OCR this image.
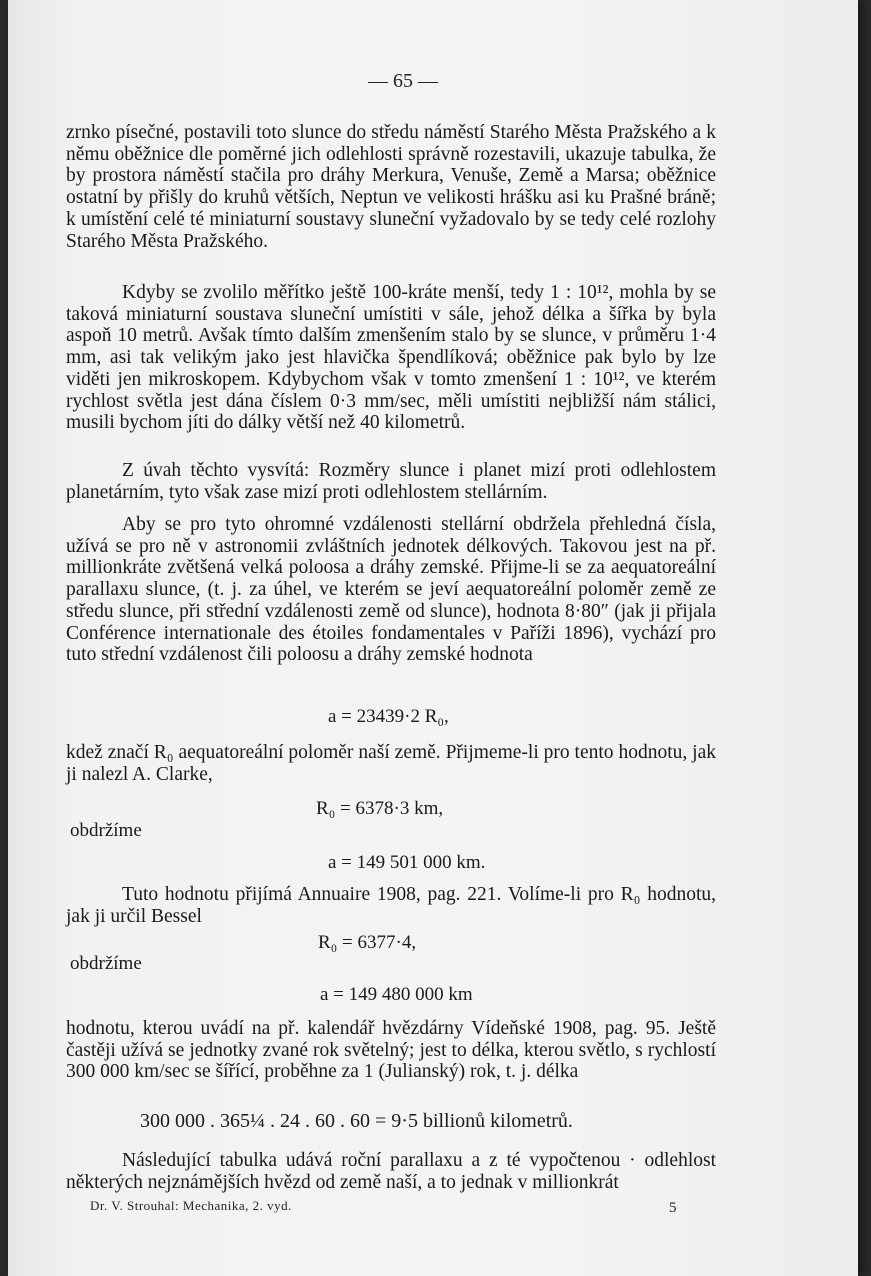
— 65 —

zrnko písečné, postavili toto slunce do středu náměstí Starého Města Pražského a k němu oběžnice dle poměrné jich odlehlosti správně rozestavili, ukazuje tabulka, že by prostora náměstí stačila pro dráhy Merkura, Venuše, Země a Marsa; oběžnice ostatní by přišly do kruhů větších, Neptun ve velikosti hrášku asi ku Prašné bráně; k umístění celé té miniaturní soustavy sluneční vyžadovalo by se tedy celé rozlohy Starého Města Pražského.

Kdyby se zvolilo měřítko ještě 100-kráte menší, tedy 1 : 10¹², mohla by se taková miniaturní soustava sluneční umístiti v sále, jehož délka a šířka by byla aspoň 10 metrů. Avšak tímto dalším zmenšením stalo by se slunce, v průměru 1·4 mm, asi tak velikým jako jest hlavička špendlíková; oběžnice pak bylo by lze viděti jen mikroskopem. Kdybychom však v tomto zmenšení 1 : 10¹², ve kterém rychlost světla jest dána číslem 0·3 mm/sec, měli umístiti nejbližší nám stálici, musili bychom jíti do dálky větší než 40 kilometrů.

Z úvah těchto vysvítá: Rozměry slunce i planet mizí proti odlehlostem planetárním, tyto však zase mizí proti odlehlostem stellárním.

Aby se pro tyto ohromné vzdálenosti stellární obdržela přehledná čísla, užívá se pro ně v astronomii zvláštních jednotek délkových. Takovou jest na př. millionkráte zvětšená velká poloosa a dráhy zemské. Přijme-li se za aequatoreální parallaxu slunce, (t. j. za úhel, ve kterém se jeví aequatoreální poloměr země ze středu slunce, při střední vzdálenosti země od slunce), hodnota 8·80″ (jak ji přijala Conférence internationale des étoiles fondamentales v Paříži 1896), vychází pro tuto střední vzdálenost čili poloosu a dráhy zemské hodnota

a = 23439·2 R₀,

kdež značí R₀ aequatoreální poloměr naší země. Přijmeme-li pro tento hodnotu, jak ji nalezl A. Clarke,

R₀ = 6378·3 km,
obdržíme
a = 149 501 000 km.

Tuto hodnotu přijímá Annuaire 1908, pag. 221. Volíme-li pro R₀ hodnotu, jak ji určil Bessel

R₀ = 6377·4,
obdržíme
a = 149 480 000 km

hodnotu, kterou uvádí na př. kalendář hvězdárny Vídeňské 1908, pag. 95. Ještě častěji užívá se jednotky zvané rok světelný; jest to délka, kterou světlo, s rychlostí 300 000 km/sec se šířící, proběhne za 1 (Julianský) rok, t. j. délka

300 000 . 365¼ . 24 . 60 . 60 = 9·5 billionů kilometrů.

Následující tabulka udává roční parallaxu a z té vypočtenou · odlehlost některých nejznámějších hvězd od země naší, a to jednak v millionkrát

Dr. V. Strouhal: Mechanika, 2. vyd.	5
